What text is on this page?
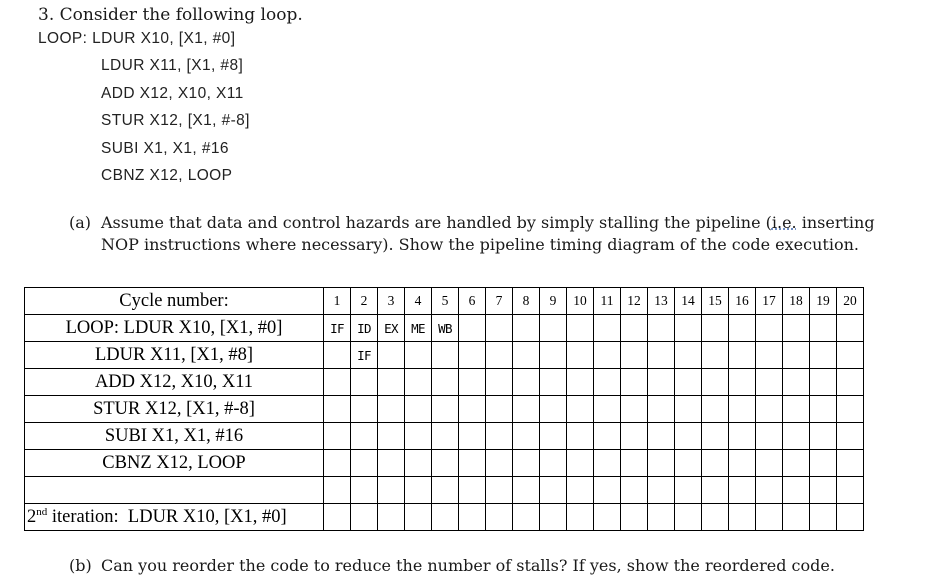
3. Consider the following loop.
LOOP: LDUR X10, [X1, #0]
LDUR X11, [X1, #8]
ADD X12, X10, X11
STUR X12, [X1, #-8]
SUBI X1, X1, #16
CBNZ X12, LOOP
(a) Assume that data and control hazards are handled by simply stalling the pipeline (i.e. inserting
NOP instructions where necessary). Show the pipeline timing diagram of the code execution.
Cycle number:	1	2	3	4	5	6	7	8	9	10	11	12	13	14	15	16	17	18	19	20
LOOP: LDUR X10, [X1, #0]	IF	ID	EX	ME	WB															
LDUR X11, [X1, #8]		IF																		
ADD X12, X10, X11																				
STUR X12, [X1, #-8]																				
SUBI X1, X1, #16																				
CBNZ X12, LOOP																				

2nd iteration:  LDUR X10, [X1, #0]																				
(b) Can you reorder the code to reduce the number of stalls? If yes, show the reordered code.
